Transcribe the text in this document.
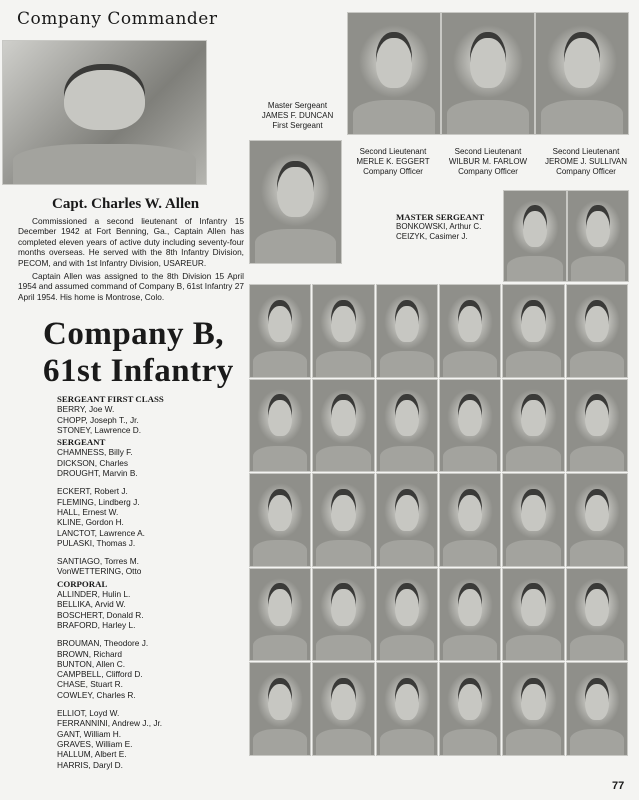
Company Commander
Capt. Charles W. Allen

Commissioned a second lieutenant of Infantry 15 December 1942 at Fort Benning, Ga., Captain Allen has completed eleven years of active duty including seventy-four months overseas. He served with the 8th Infantry Division, PECOM, and with 1st Infantry Division, USAREUR.

Captain Allen was assigned to the 8th Division 15 April 1954 and assumed command of Company B, 61st Infantry 27 April 1954. His home is Montrose, Colo.

Company B,
61st Infantry
Master Sergeant
JAMES F. DUNCAN
First Sergeant
Second Lieutenant
MERLE K. EGGERT
Company Officer
Second Lieutenant
WILBUR M. FARLOW
Company Officer
Second Lieutenant
JEROME J. SULLIVAN
Company Officer
MASTER SERGEANT
BONKOWSKI, Arthur C.
CEIZYK, Casimer J.
SERGEANT FIRST CLASS
BERRY, Joe W.
CHOPP, Joseph T., Jr.
STONEY, Lawrence D.
SERGEANT
CHAMNESS, Billy F.
DICKSON, Charles
DROUGHT, Marvin B.
ECKERT, Robert J.
FLEMING, Lindberg J.
HALL, Ernest W.
KLINE, Gordon H.
LANCTOT, Lawrence A.
PULASKI, Thomas J.
SANTIAGO, Torres M.
VonWETTERING, Otto
CORPORAL
ALLINDER, Hulin L.
BELLIKA, Arvid W.
BOSCHERT, Donald R.
BRAFORD, Harley L.
BROUMAN, Theodore J.
BROWN, Richard
BUNTON, Allen C.
CAMPBELL, Clifford D.
CHASE, Stuart R.
COWLEY, Charles R.
ELLIOT, Loyd W.
FERRANNINI, Andrew J., Jr.
GANT, William H.
GRAVES, William E.
HALLUM, Albert E.
HARRIS, Daryl D.
77
